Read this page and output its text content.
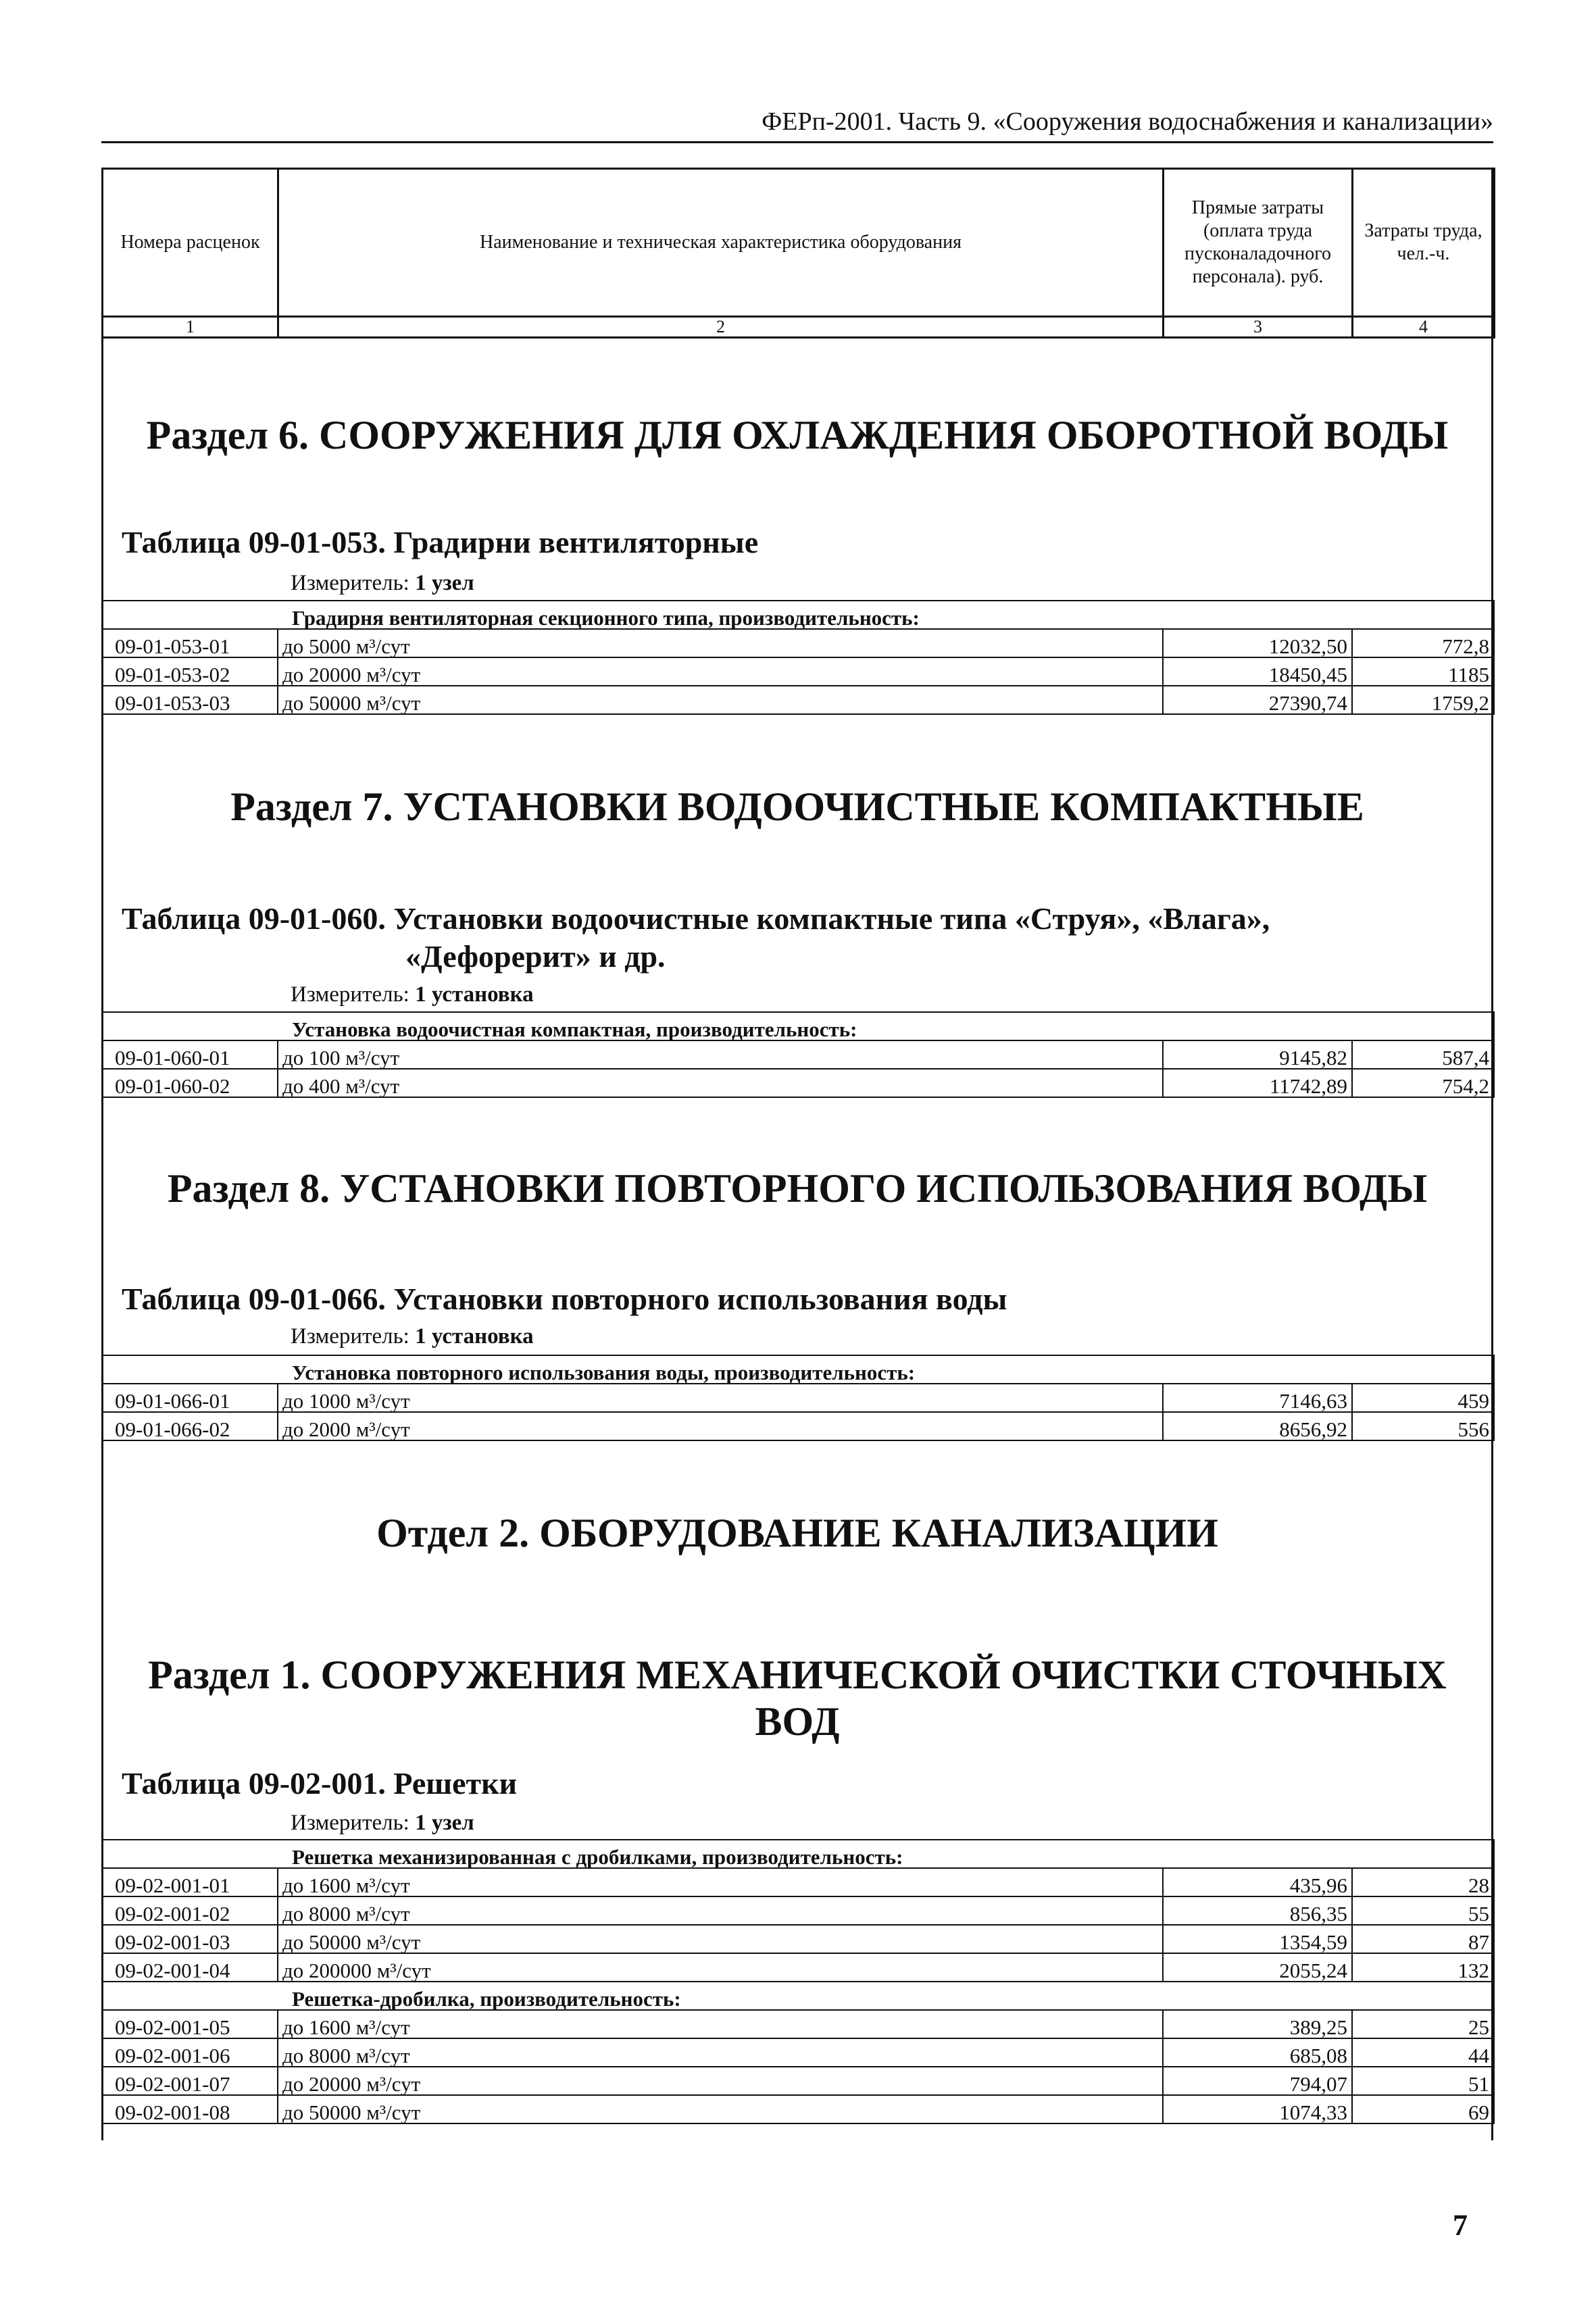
ФЕРп-2001. Часть 9. «Сооружения водоснабжения и канализации»
Номера расценок	Наименование и техническая характеристика оборудования	Прямые затраты (оплата труда пусконаладочного персонала). руб.	Затраты труда, чел.-ч.
1	2	3	4
Раздел 6. СООРУЖЕНИЯ ДЛЯ ОХЛАЖДЕНИЯ ОБОРОТНОЙ ВОДЫ
Таблица 09-01-053. Градирни вентиляторные
Измеритель: 1 узел
Градирня вентиляторная секционного типа, производительность:			
09-01-053-01	до 5000 м³/сут	12032,50	772,8
09-01-053-02	до 20000 м³/сут	18450,45	1185
09-01-053-03	до 50000 м³/сут	27390,74	1759,2
Раздел 7. УСТАНОВКИ ВОДООЧИСТНЫЕ КОМПАКТНЫЕ
Таблица 09-01-060. Установки водоочистные компактные типа «Струя», «Влага»,
«Дефорерит» и др.
Измеритель: 1 установка
Установка водоочистная компактная, производительность:			
09-01-060-01	до 100 м³/сут	9145,82	587,4
09-01-060-02	до 400 м³/сут	11742,89	754,2
Раздел 8. УСТАНОВКИ ПОВТОРНОГО ИСПОЛЬЗОВАНИЯ ВОДЫ
Таблица 09-01-066. Установки повторного использования воды
Измеритель: 1 установка
Установка повторного использования воды, производительность:			
09-01-066-01	до 1000 м³/сут	7146,63	459
09-01-066-02	до 2000 м³/сут	8656,92	556
Отдел 2. ОБОРУДОВАНИЕ КАНАЛИЗАЦИИ
Раздел 1. СООРУЖЕНИЯ МЕХАНИЧЕСКОЙ ОЧИСТКИ СТОЧНЫХ ВОД
Таблица 09-02-001. Решетки
Измеритель: 1 узел
Решетка механизированная с дробилками, производительность:			
09-02-001-01	до 1600 м³/сут	435,96	28
09-02-001-02	до 8000 м³/сут	856,35	55
09-02-001-03	до 50000 м³/сут	1354,59	87
09-02-001-04	до 200000 м³/сут	2055,24	132
Решетка-дробилка, производительность:			
09-02-001-05	до 1600 м³/сут	389,25	25
09-02-001-06	до 8000 м³/сут	685,08	44
09-02-001-07	до 20000 м³/сут	794,07	51
09-02-001-08	до 50000 м³/сут	1074,33	69
7
